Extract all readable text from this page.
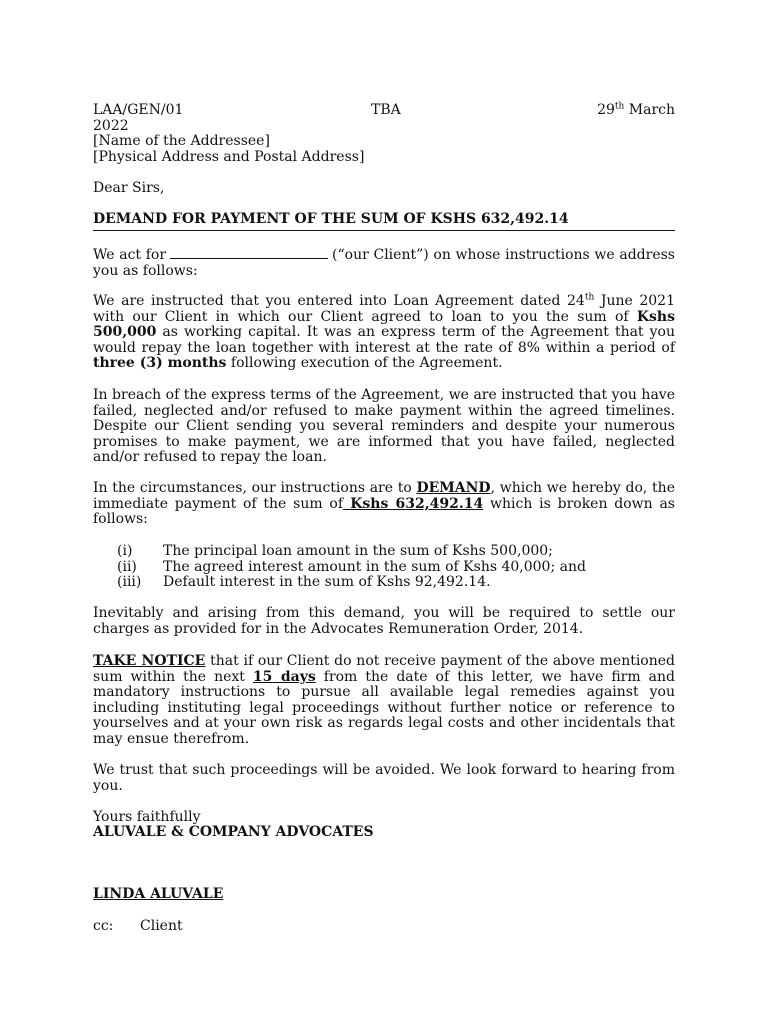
LAA/GEN/01	TBA	29th March
2022
[Name of the Addressee]
[Physical Address and Postal Address]
Dear Sirs,
DEMAND FOR PAYMENT OF THE SUM OF KSHS 632,492.14
We act for	(“our Client”) on whose instructions we address you as follows:
We are instructed that you entered into Loan Agreement dated 24th June 2021 with our Client in which our Client agreed to loan to you the sum of Kshs 500,000 as working capital. It was an express term of the Agreement that you would repay the loan together with interest at the rate of 8% within a period of three (3) months following execution of the Agreement.
In breach of the express terms of the Agreement, we are instructed that you have failed, neglected and/or refused to make payment within the agreed timelines. Despite our Client sending you several reminders and despite your numerous promises to make payment, we are informed that you have failed, neglected and/or refused to repay the loan.
In the circumstances, our instructions are to DEMAND, which we hereby do, the immediate payment of the sum of Kshs 632,492.14 which is broken down as follows:
(i) The principal loan amount in the sum of Kshs 500,000;
(ii) The agreed interest amount in the sum of Kshs 40,000; and
(iii) Default interest in the sum of Kshs 92,492.14.
Inevitably and arising from this demand, you will be required to settle our charges as provided for in the Advocates Remuneration Order, 2014.
TAKE NOTICE that if our Client do not receive payment of the above mentioned sum within the next 15 days from the date of this letter, we have firm and mandatory instructions to pursue all available legal remedies against you including instituting legal proceedings without further notice or reference to yourselves and at your own risk as regards legal costs and other incidentals that may ensue therefrom.
We trust that such proceedings will be avoided. We look forward to hearing from you.
Yours faithfully
ALUVALE & COMPANY ADVOCATES
LINDA ALUVALE
cc: Client
